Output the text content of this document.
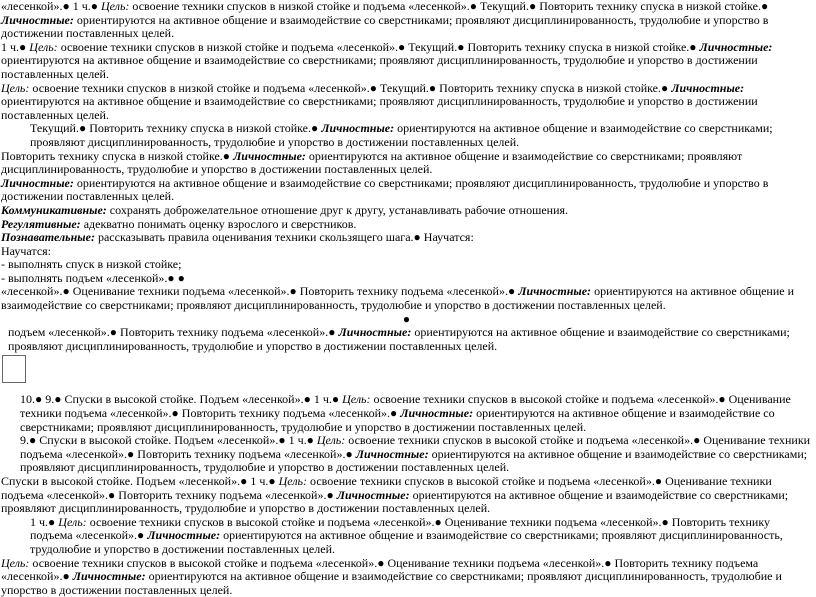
«лесенкой».● 1 ч.● Цель: освоение техники спусков в низкой стойке и подъема «лесенкой».● Текущий.● Повторить технику спуска в низкой стойке.● Личностные: ориентируются на активное общение и взаимодействие со сверстниками; проявляют дисциплинированность, трудолюбие и упорство в достижении поставленных целей.

1 ч.● Цель: освоение техники спусков в низкой стойке и подъема «лесенкой».● Текущий.● Повторить технику спуска в низкой стойке.● Личностные: ориентируются на активное общение и взаимодействие со сверстниками; проявляют дисциплинированность, трудолюбие и упорство в достижении поставленных целей.

Цель: освоение техники спусков в низкой стойке и подъема «лесенкой».● Текущий.● Повторить технику спуска в низкой стойке.● Личностные: ориентируются на активное общение и взаимодействие со сверстниками; проявляют дисциплинированность, трудолюбие и упорство в достижении поставленных целей.

Текущий.● Повторить технику спуска в низкой стойке.● Личностные: ориентируются на активное общение и взаимодействие со сверстниками; проявляют дисциплинированность, трудолюбие и упорство в достижении поставленных целей.

Повторить технику спуска в низкой стойке.● Личностные: ориентируются на активное общение и взаимодействие со сверстниками; проявляют дисциплинированность, трудолюбие и упорство в достижении поставленных целей.

Личностные: ориентируются на активное общение и взаимодействие со сверстниками; проявляют дисциплинированность, трудолюбие и упорство в достижении поставленных целей.

Коммуникативные: сохранять доброжелательное отношение друг к другу, устанавливать рабочие отношения.

Регулятивные: адекватно понимать оценку взрослого и сверстников.

Познавательные: рассказывать правила оценивания техники скользящего шага.● Научатся:

Научатся:

- выполнять спуск в низкой стойке;

- выполнять подъем «лесенкой».● ●

«лесенкой».● Оценивание техники подъема «лесенкой».● Повторить технику подъема «лесенкой».● Личностные: ориентируются на активное общение и взаимодействие со сверстниками; проявляют дисциплинированность, трудолюбие и упорство в достижении поставленных целей.

●

подъем «лесенкой».● Повторить технику подъема «лесенкой».● Личностные: ориентируются на активное общение и взаимодействие со сверстниками; проявляют дисциплинированность, трудолюбие и упорство в достижении поставленных целей.

10.● 9.● Спуски в высокой стойке. Подъем «лесенкой».● 1 ч.● Цель: освоение техники спусков в высокой стойке и подъема «лесенкой».● Оценивание техники подъема «лесенкой».● Повторить технику подъема «лесенкой».● Личностные: ориентируются на активное общение и взаимодействие со сверстниками; проявляют дисциплинированность, трудолюбие и упорство в достижении поставленных целей.

9.● Спуски в высокой стойке. Подъем «лесенкой».● 1 ч.● Цель: освоение техники спусков в высокой стойке и подъема «лесенкой».● Оценивание техники подъема «лесенкой».● Повторить технику подъема «лесенкой».● Личностные: ориентируются на активное общение и взаимодействие со сверстниками; проявляют дисциплинированность, трудолюбие и упорство в достижении поставленных целей.

Спуски в высокой стойке. Подъем «лесенкой».● 1 ч.● Цель: освоение техники спусков в высокой стойке и подъема «лесенкой».● Оценивание техники подъема «лесенкой».● Повторить технику подъема «лесенкой».● Личностные: ориентируются на активное общение и взаимодействие со сверстниками; проявляют дисциплинированность, трудолюбие и упорство в достижении поставленных целей.

1 ч.● Цель: освоение техники спусков в высокой стойке и подъема «лесенкой».● Оценивание техники подъема «лесенкой».● Повторить технику подъема «лесенкой».● Личностные: ориентируются на активное общение и взаимодействие со сверстниками; проявляют дисциплинированность, трудолюбие и упорство в достижении поставленных целей.

Цель: освоение техники спусков в высокой стойке и подъема «лесенкой».● Оценивание техники подъема «лесенкой».● Повторить технику подъема «лесенкой».● Личностные: ориентируются на активное общение и взаимодействие со сверстниками; проявляют дисциплинированность, трудолюбие и упорство в достижении поставленных целей.
